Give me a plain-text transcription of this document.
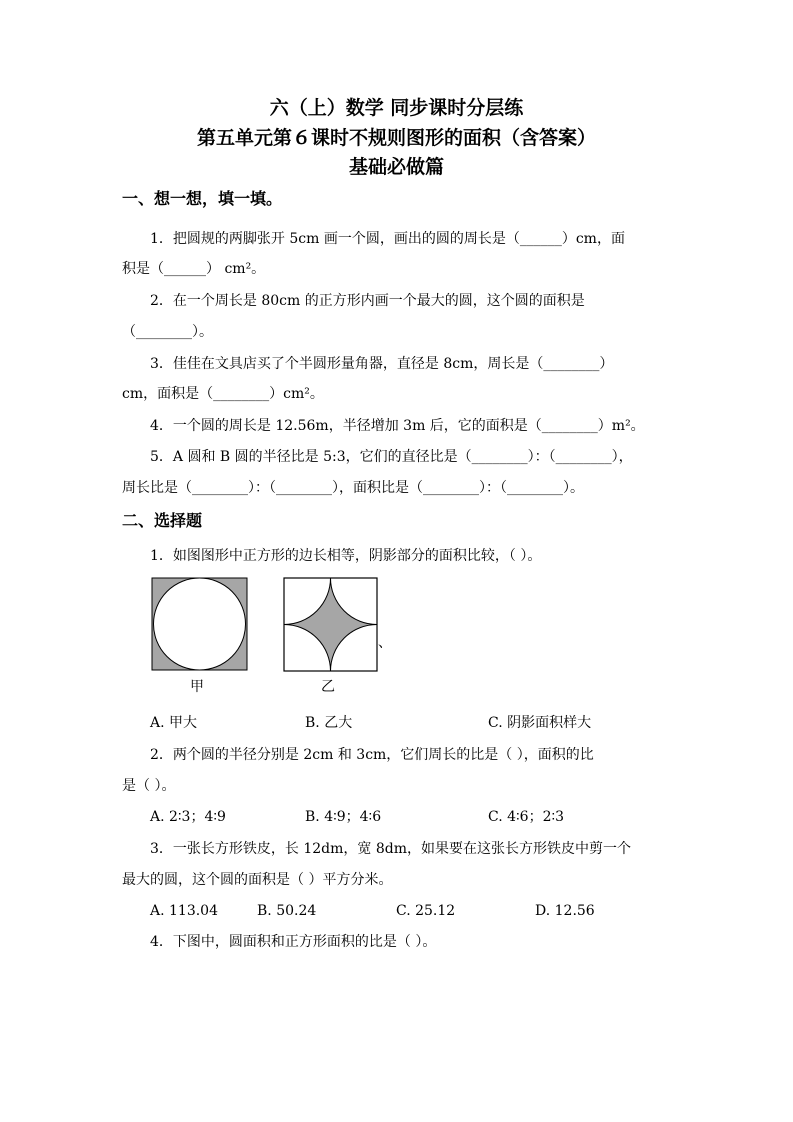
六（上）数学 同步课时分层练
第五单元第６课时不规则图形的面积（含答案）
基础必做篇
一、想一想，填一填。
1．把圆规的两脚张开 5cm 画一个圆，画出的圆的周长是（______）cm，面
积是（______） cm²。
2．在一个周长是 80cm 的正方形内画一个最大的圆，这个圆的面积是
（________）。
3．佳佳在文具店买了个半圆形量角器，直径是 8cm，周长是（________）
cm，面积是（________）cm²。
4．一个圆的周长是 12.56m，半径增加 3m 后，它的面积是（________）m²。
5．A 圆和 B 圆的半径比是 5:3，它们的直径比是（________）：（________），
周长比是（________）：（________），面积比是（________）：（________）。
二、选择题
1．如图图形中正方形的边长相等，阴影部分的面积比较，（ ）。
甲
、
乙
A. 甲大	B. 乙大	C. 阴影面积样大
2．两个圆的半径分别是 2cm 和 3cm，它们周长的比是（ ），面积的比
是（ ）。
A. 2∶3；4∶9	B. 4∶9；4∶6	C. 4∶6；2∶3
3．一张长方形铁皮，长 12dm，宽 8dm，如果要在这张长方形铁皮中剪一个
最大的圆，这个圆的面积是（ ）平方分米。
A. 113.04	B. 50.24	C. 25.12	D. 12.56
4．下图中，圆面积和正方形面积的比是（ ）。
